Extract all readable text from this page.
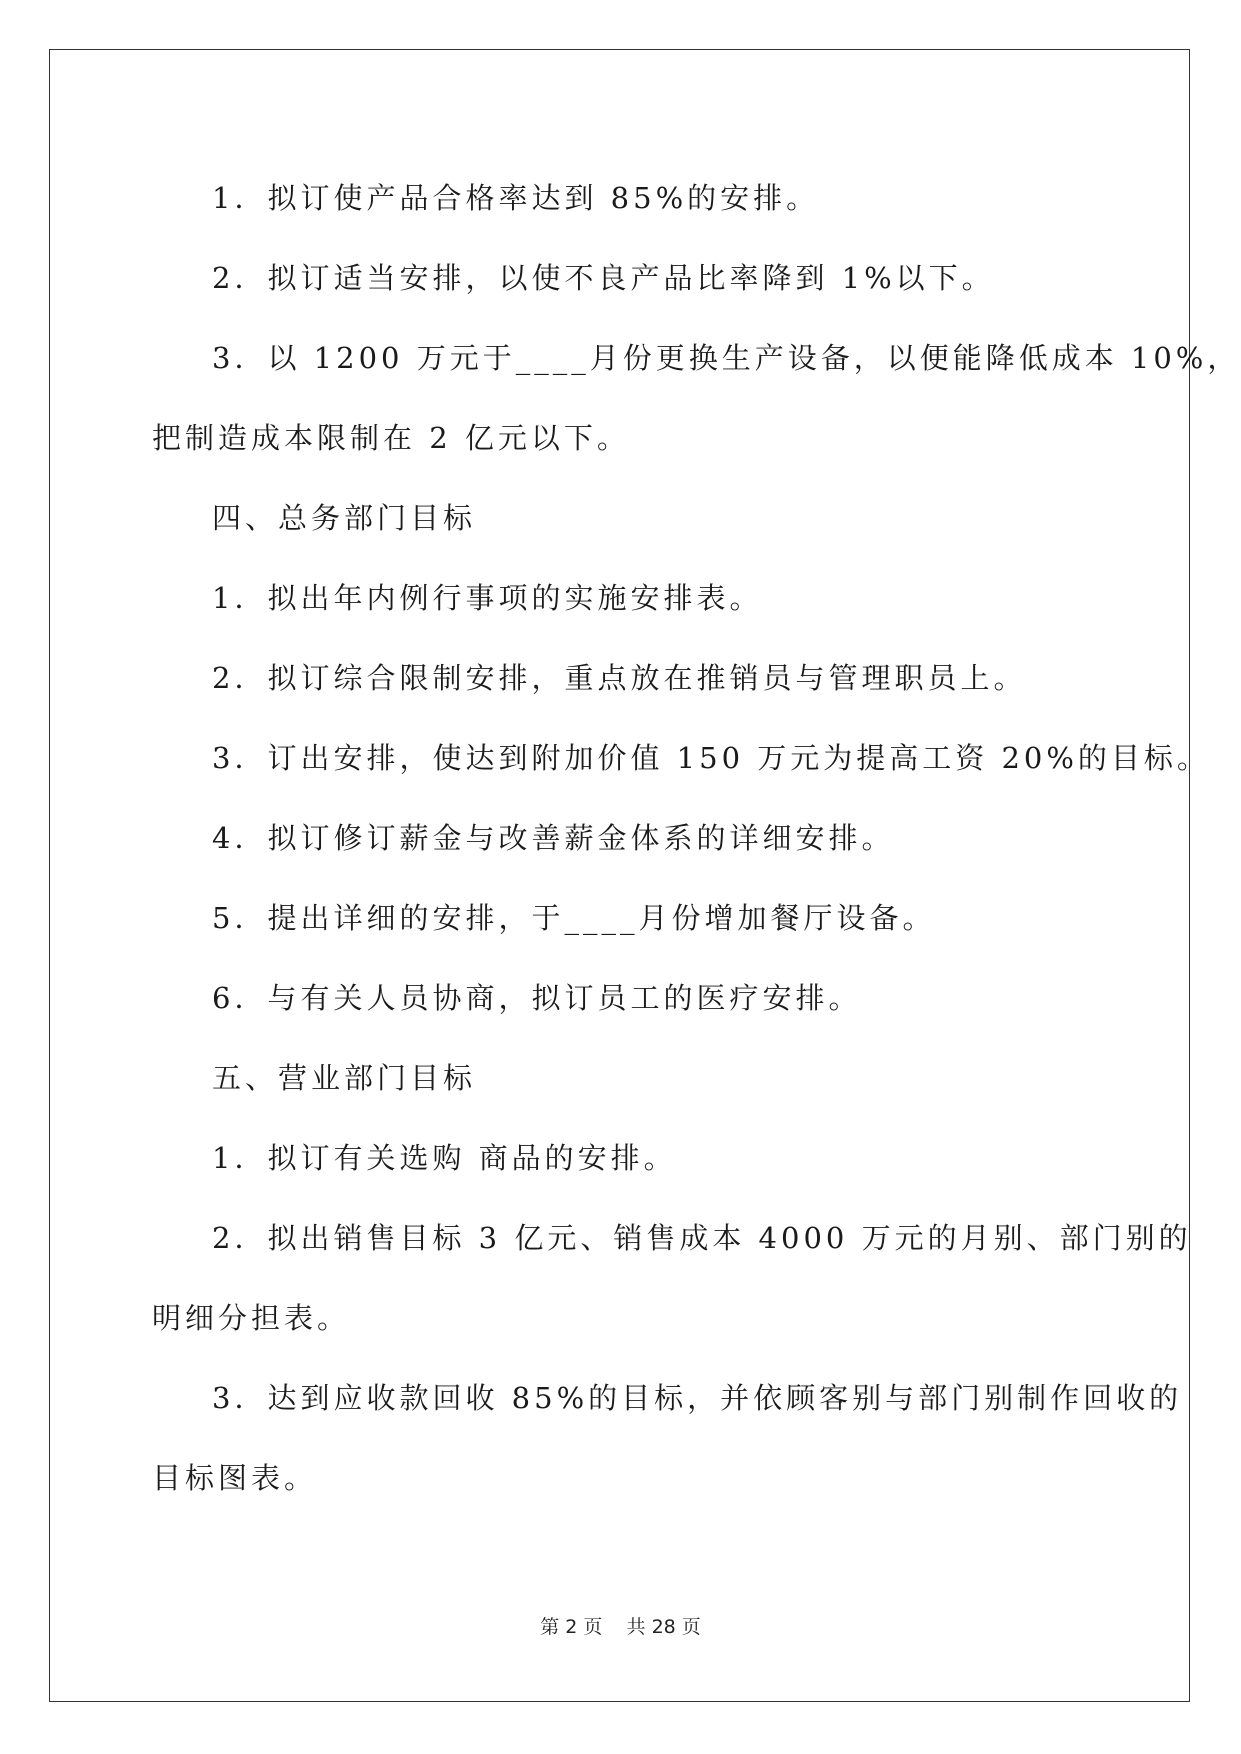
1．拟订使产品合格率达到 85%的安排。
2．拟订适当安排，以使不良产品比率降到 1%以下。
3．以 1200 万元于____月份更换生产设备，以便能降低成本 10%，
把制造成本限制在 2 亿元以下。
四、总务部门目标
1．拟出年内例行事项的实施安排表。
2．拟订综合限制安排，重点放在推销员与管理职员上。
3．订出安排，使达到附加价值 150 万元为提高工资 20%的目标。
4．拟订修订薪金与改善薪金体系的详细安排。
5．提出详细的安排，于____月份增加餐厅设备。
6．与有关人员协商，拟订员工的医疗安排。
五、营业部门目标
1．拟订有关选购 商品的安排。
2．拟出销售目标 3 亿元、销售成本 4000 万元的月别、部门别的
明细分担表。
3．达到应收款回收 85%的目标，并依顾客别与部门别制作回收的
目标图表。
第 2 页    共 28 页
